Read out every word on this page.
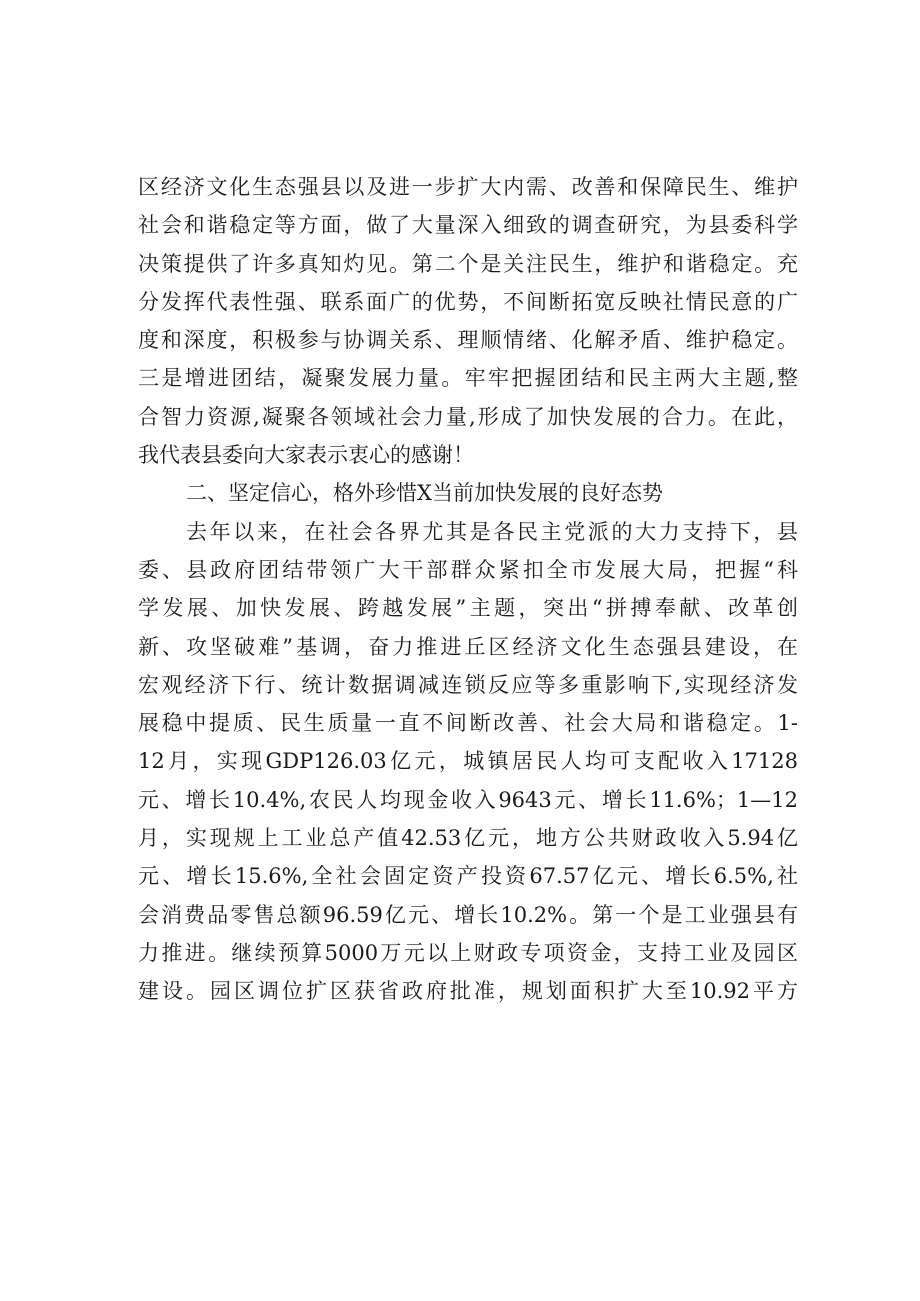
区经济文化生态强县以及进一步扩大内需、改善和保障民生、维护
社会和谐稳定等方面，做了大量深入细致的调查研究，为县委科学
决策提供了许多真知灼见。第二个是关注民生，维护和谐稳定。充
分发挥代表性强、联系面广的优势，不间断拓宽反映社情民意的广
度和深度，积极参与协调关系、理顺情绪、化解矛盾、维护稳定。
三是增进团结，凝聚发展力量。牢牢把握团结和民主两大主题,整
合智力资源,凝聚各领域社会力量,形成了加快发展的合力。在此，
我代表县委向大家表示衷心的感谢！
二、坚定信心，格外珍惜X当前加快发展的良好态势
去年以来，在社会各界尤其是各民主党派的大力支持下，县
委、县政府团结带领广大干部群众紧扣全市发展大局，把握“科
学发展、加快发展、跨越发展”主题，突出“拼搏奉献、改革创
新、攻坚破难”基调，奋力推进丘区经济文化生态强县建设，在
宏观经济下行、统计数据调减连锁反应等多重影响下,实现经济发
展稳中提质、民生质量一直不间断改善、社会大局和谐稳定。1-
12月，实现GDP126.03亿元，城镇居民人均可支配收入17128
元、增长10.4%,农民人均现金收入9643元、增长11.6%；1—12
月，实现规上工业总产值42.53亿元，地方公共财政收入5.94亿
元、增长15.6%,全社会固定资产投资67.57亿元、增长6.5%,社
会消费品零售总额96.59亿元、增长10.2%。第一个是工业强县有
力推进。继续预算5000万元以上财政专项资金，支持工业及园区
建设。园区调位扩区获省政府批准，规划面积扩大至10.92平方
